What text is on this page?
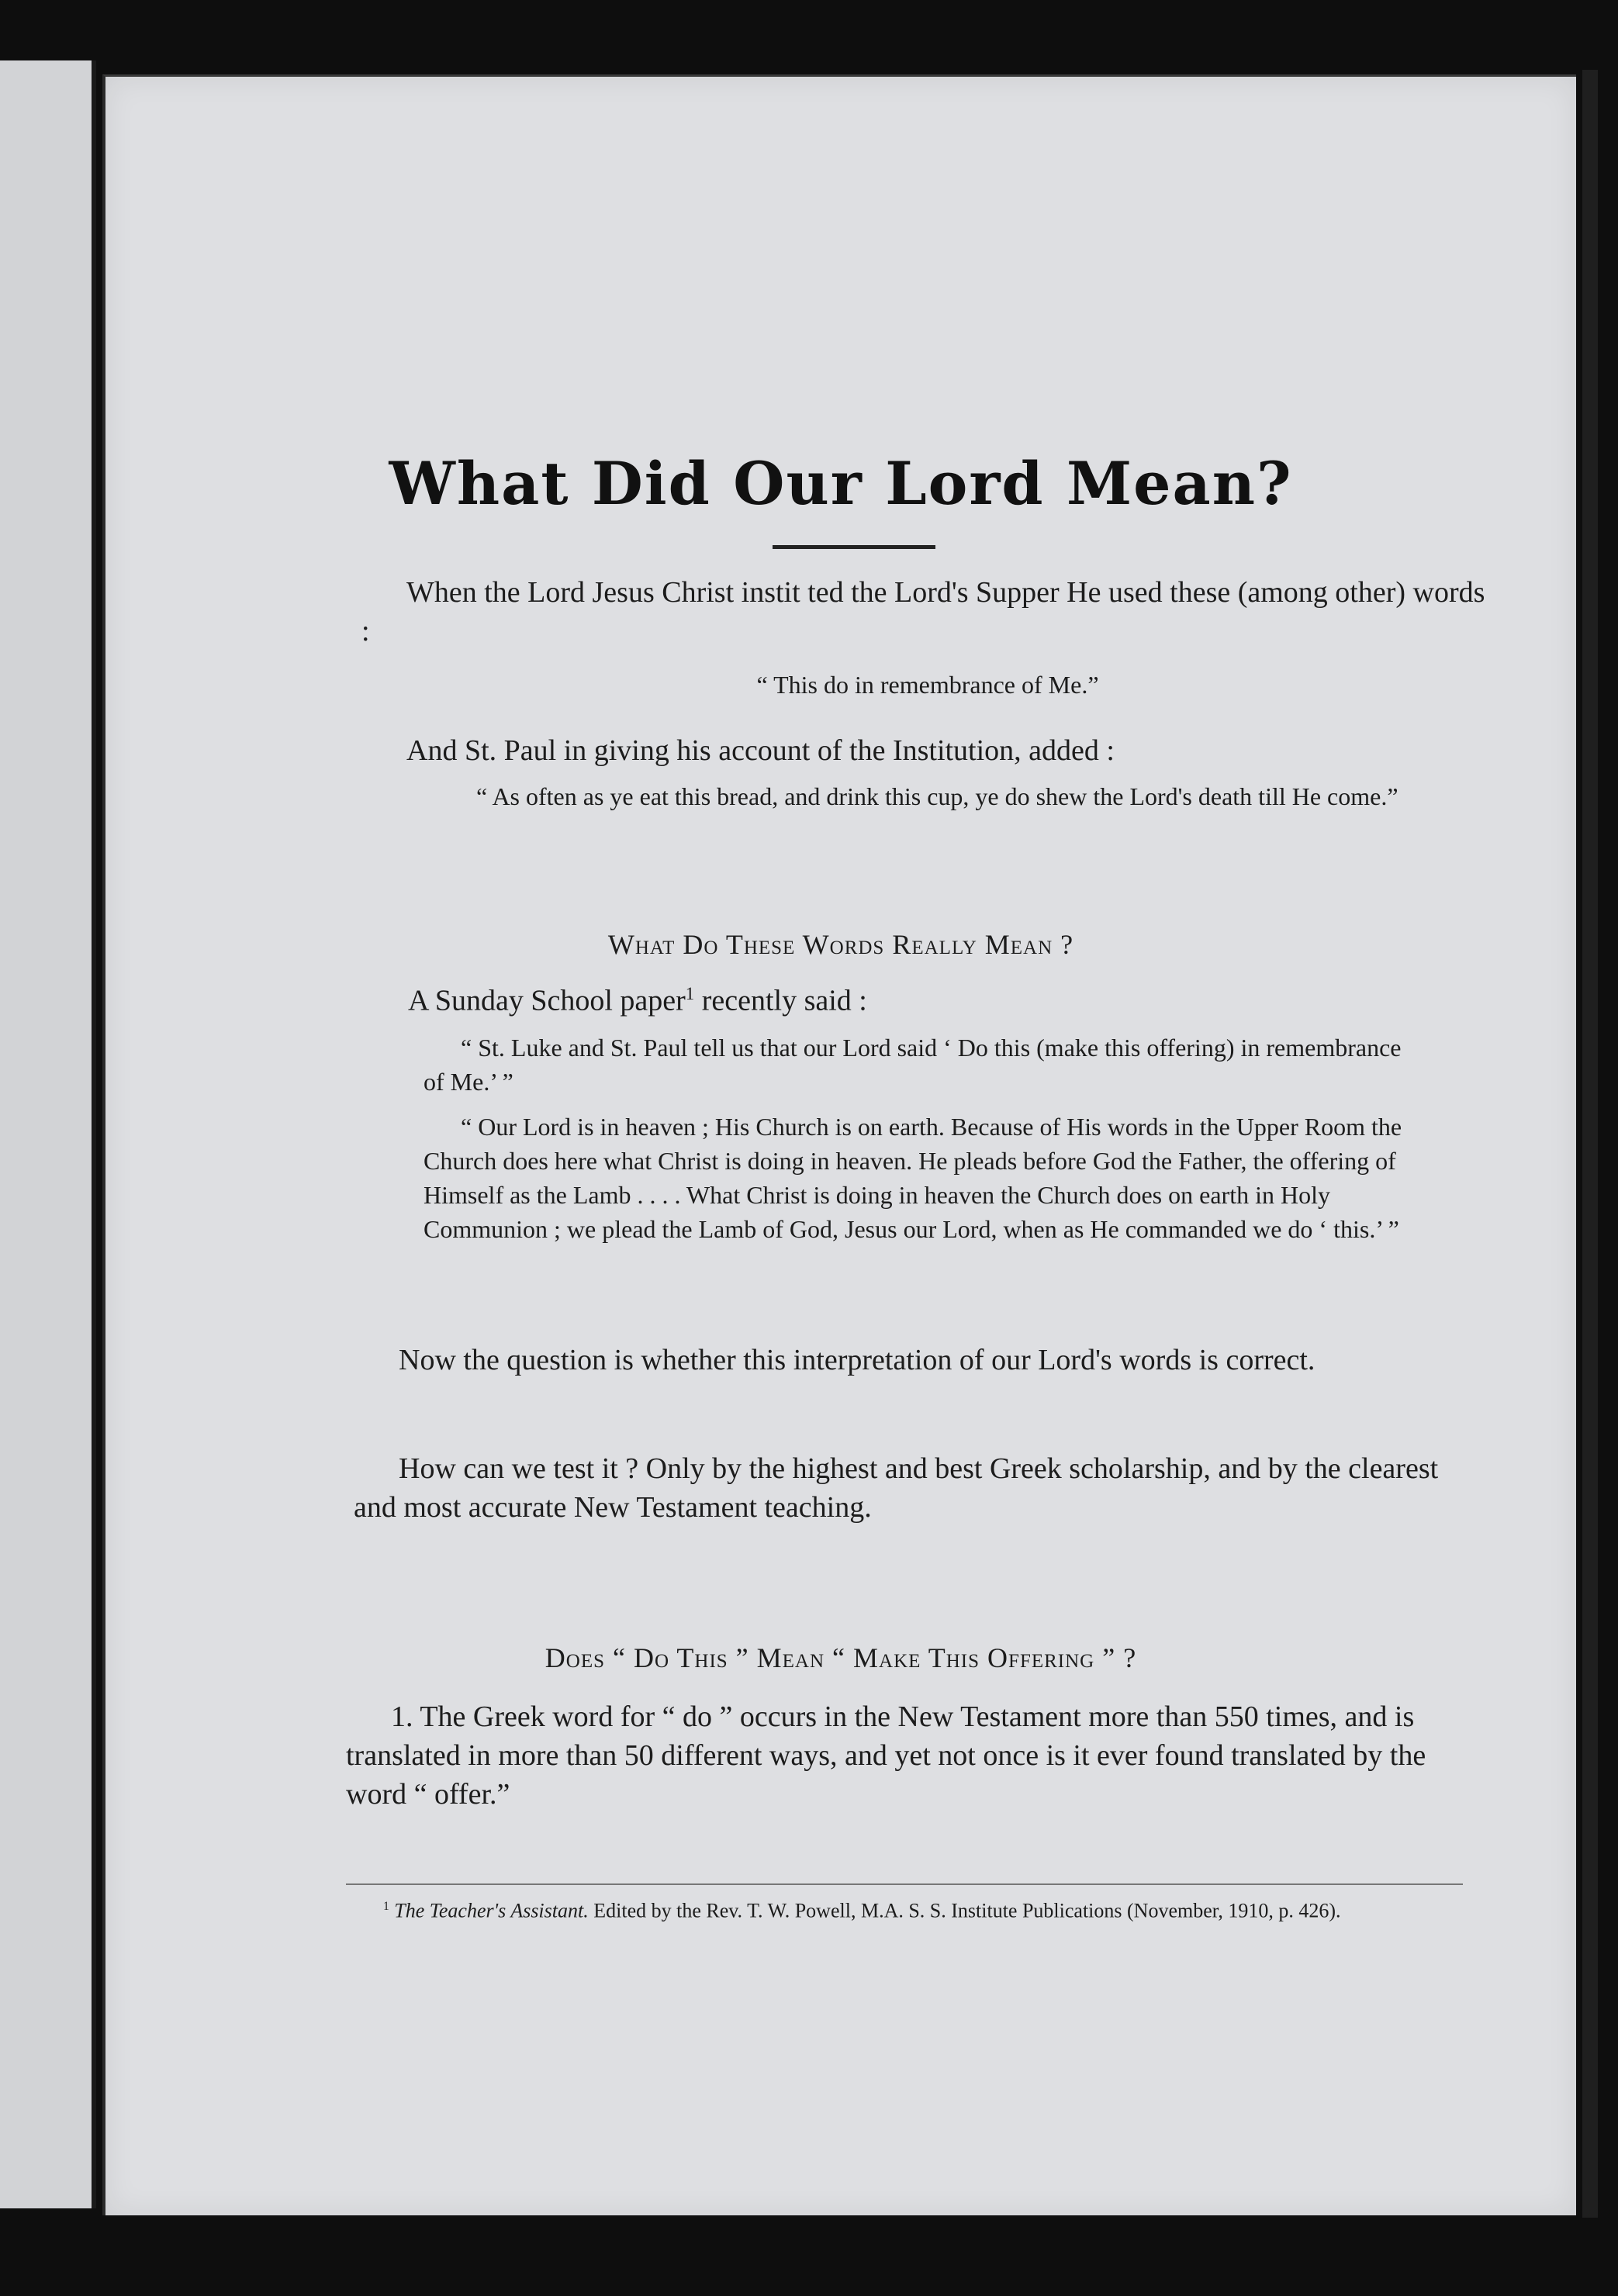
What Did Our Lord Mean?

When the Lord Jesus Christ instit ted the Lord's Supper He used these (among other) words :

“ This do in remembrance of Me.”

And St. Paul in giving his account of the Institution, added :

“ As often as ye eat this bread, and drink this cup, ye do shew the Lord's death till He come.”

What Do These Words Really Mean ?

A Sunday School paper$^1$ recently said :

“ St. Luke and St. Paul tell us that our Lord said ‘ Do this (make this offering) in remembrance of Me.’ ”

“ Our Lord is in heaven ; His Church is on earth. Because of His words in the Upper Room the Church does here what Christ is doing in heaven. He pleads before God the Father, the offering of Himself as the Lamb . . . . What Christ is doing in heaven the Church does on earth in Holy Communion ; we plead the Lamb of God, Jesus our Lord, when as He commanded we do ‘ this.’ ”

Now the question is whether this interpretation of our Lord's words is correct.

How can we test it ? Only by the highest and best Greek scholarship, and by the clearest and most accurate New Testament teaching.

Does “ Do This ” Mean “ Make This Offering ” ?

1. The Greek word for “ do ” occurs in the New Testament more than 550 times, and is translated in more than 50 different ways, and yet not once is it ever found translated by the word “ offer.”

$^1$ The Teacher's Assistant. Edited by the Rev. T. W. Powell, M.A. S. S. Institute Publications (November, 1910, p. 426).
